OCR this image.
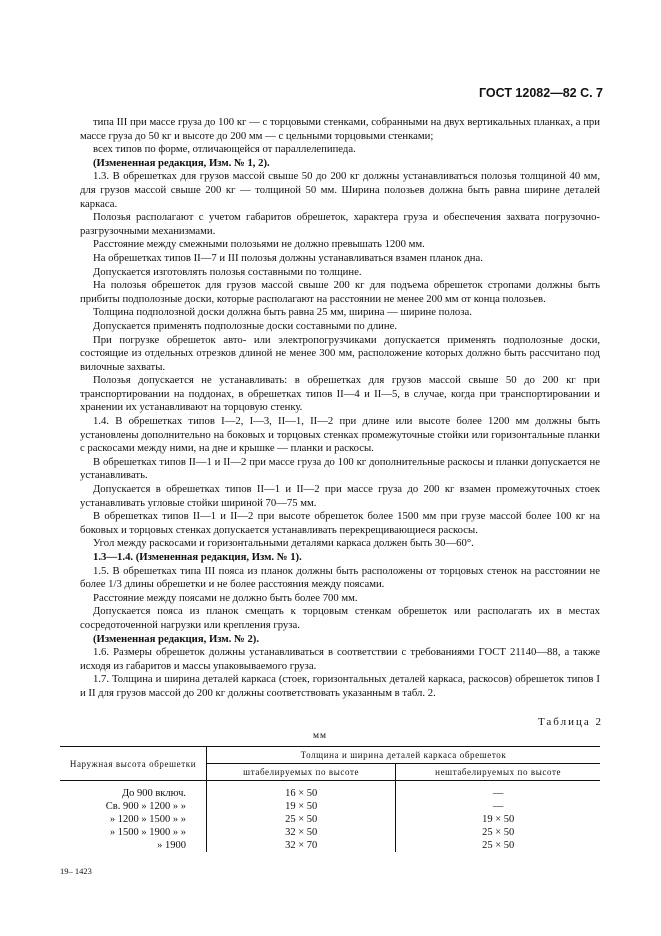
ГОСТ 12082—82 С. 7

типа III при массе груза до 100 кг — с торцовыми стенками, собранными на двух вертикальных планках, а при массе груза до 50 кг и высоте до 200 мм — с цельными торцовыми стенками;

всех типов по форме, отличающейся от параллелепипеда.

(Измененная редакция, Изм. № 1, 2).

1.3. В обрешетках для грузов массой свыше 50 до 200 кг должны устанавливаться полозья толщиной 40 мм, для грузов массой свыше 200 кг — толщиной 50 мм. Ширина полозьев должна быть равна ширине деталей каркаса.

Полозья располагают с учетом габаритов обрешеток, характера груза и обеспечения захвата погрузочно-разгрузочными механизмами.

Расстояние между смежными полозьями не должно превышать 1200 мм.

На обрешетках типов II—7 и III полозья должны устанавливаться взамен планок дна.

Допускается изготовлять полозья составными по толщине.

На полозья обрешеток для грузов массой свыше 200 кг для подъема обрешеток стропами должны быть прибиты подполозные доски, которые располагают на расстоянии не менее 200 мм от конца полозьев.

Толщина подполозной доски должна быть равна 25 мм, ширина — ширине полоза.

Допускается применять подполозные доски составными по длине.

При погрузке обрешеток авто- или электропогрузчиками допускается применять подполозные доски, состоящие из отдельных отрезков длиной не менее 300 мм, расположение которых должно быть рассчитано под вилочные захваты.

Полозья допускается не устанавливать: в обрешетках для грузов массой свыше 50 до 200 кг при транспортировании на поддонах, в обрешетках типов II—4 и II—5, в случае, когда при транспортировании и хранении их устанавливают на торцовую стенку.

1.4. В обрешетках типов I—2, I—3, II—1, II—2 при длине или высоте более 1200 мм должны быть установлены дополнительно на боковых и торцовых стенках промежуточные стойки или горизонтальные планки с раскосами между ними, на дне и крышке — планки и раскосы.

В обрешетках типов II—1 и II—2 при массе груза до 100 кг дополнительные раскосы и планки допускается не устанавливать.

Допускается в обрешетках типов II—1 и II—2 при массе груза до 200 кг взамен промежуточных стоек устанавливать угловые стойки шириной 70—75 мм.

В обрешетках типов II—1 и II—2 при высоте обрешеток более 1500 мм при грузе массой более 100 кг на боковых и торцовых стенках допускается устанавливать перекрещивающиеся раскосы.

Угол между раскосами и горизонтальными деталями каркаса должен быть 30—60°.

1.3—1.4. (Измененная редакция, Изм. № 1).

1.5. В обрешетках типа III пояса из планок должны быть расположены от торцовых стенок на расстоянии не более 1/3 длины обрешетки и не более расстояния между поясами.

Расстояние между поясами не должно быть более 700 мм.

Допускается пояса из планок смещать к торцовым стенкам обрешеток или располагать их в местах сосредоточенной нагрузки или крепления груза.

(Измененная редакция, Изм. № 2).

1.6. Размеры обрешеток должны устанавливаться в соответствии с требованиями ГОСТ 21140—88, а также исходя из габаритов и массы упаковываемого груза.

1.7. Толщина и ширина деталей каркаса (стоек, горизонтальных деталей каркаса, раскосов) обрешеток типов I и II для грузов массой до 200 кг должны соответствовать указанным в табл. 2.

Таблица 2
мм
Наружная высота обрешетки	Толщина и ширина деталей каркаса обрешеток	
	штабелируемых по высоте	нештабелируемых по высоте
До 900 включ.	16 × 50	—
Св. 900 » 1200 » »	19 × 50	—
» 1200 » 1500 » »	25 × 50	19 × 50
» 1500 » 1900 » »	32 × 50	25 × 50
» 1900	32 × 70	25 × 50
19– 1423
